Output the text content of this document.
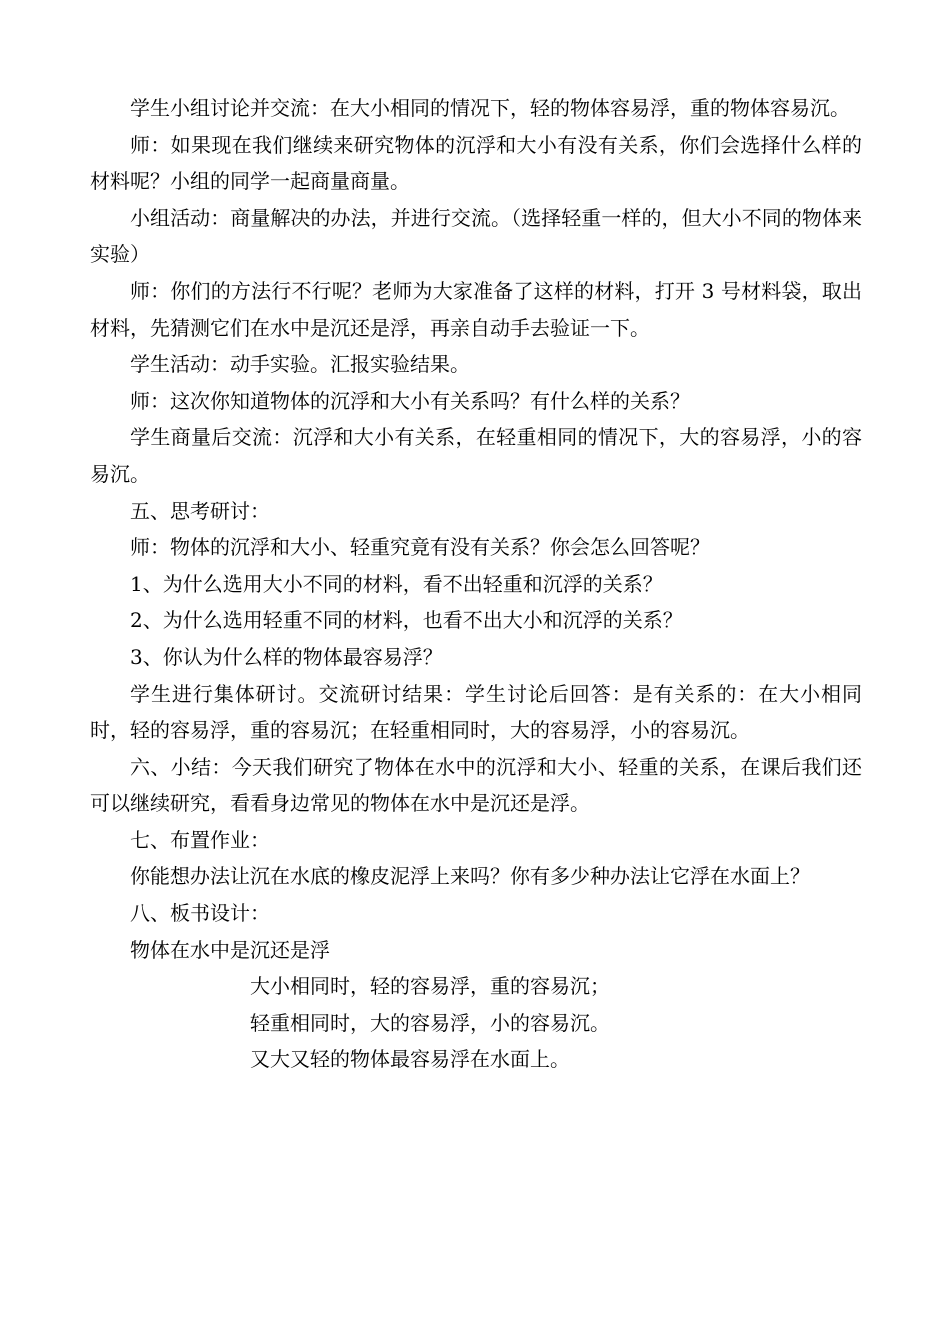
学生小组讨论并交流：在大小相同的情况下，轻的物体容易浮，重的物体容易沉。

师：如果现在我们继续来研究物体的沉浮和大小有没有关系，你们会选择什么样的材料呢？小组的同学一起商量商量。

小组活动：商量解决的办法，并进行交流。（选择轻重一样的，但大小不同的物体来实验）

师：你们的方法行不行呢？老师为大家准备了这样的材料，打开 3 号材料袋，取出材料，先猜测它们在水中是沉还是浮，再亲自动手去验证一下。

学生活动：动手实验。汇报实验结果。

师：这次你知道物体的沉浮和大小有关系吗？有什么样的关系？

学生商量后交流：沉浮和大小有关系，在轻重相同的情况下，大的容易浮，小的容易沉。

五、思考研讨：

师：物体的沉浮和大小、轻重究竟有没有关系？你会怎么回答呢？

1、为什么选用大小不同的材料，看不出轻重和沉浮的关系？

2、为什么选用轻重不同的材料，也看不出大小和沉浮的关系？

3、你认为什么样的物体最容易浮？

学生进行集体研讨。交流研讨结果：学生讨论后回答：是有关系的：在大小相同时，轻的容易浮，重的容易沉；在轻重相同时，大的容易浮，小的容易沉。

六、小结：今天我们研究了物体在水中的沉浮和大小、轻重的关系，在课后我们还可以继续研究，看看身边常见的物体在水中是沉还是浮。

七、布置作业：

你能想办法让沉在水底的橡皮泥浮上来吗？你有多少种办法让它浮在水面上？

八、板书设计：

物体在水中是沉还是浮

大小相同时，轻的容易浮，重的容易沉；

轻重相同时，大的容易浮，小的容易沉。

又大又轻的物体最容易浮在水面上。
